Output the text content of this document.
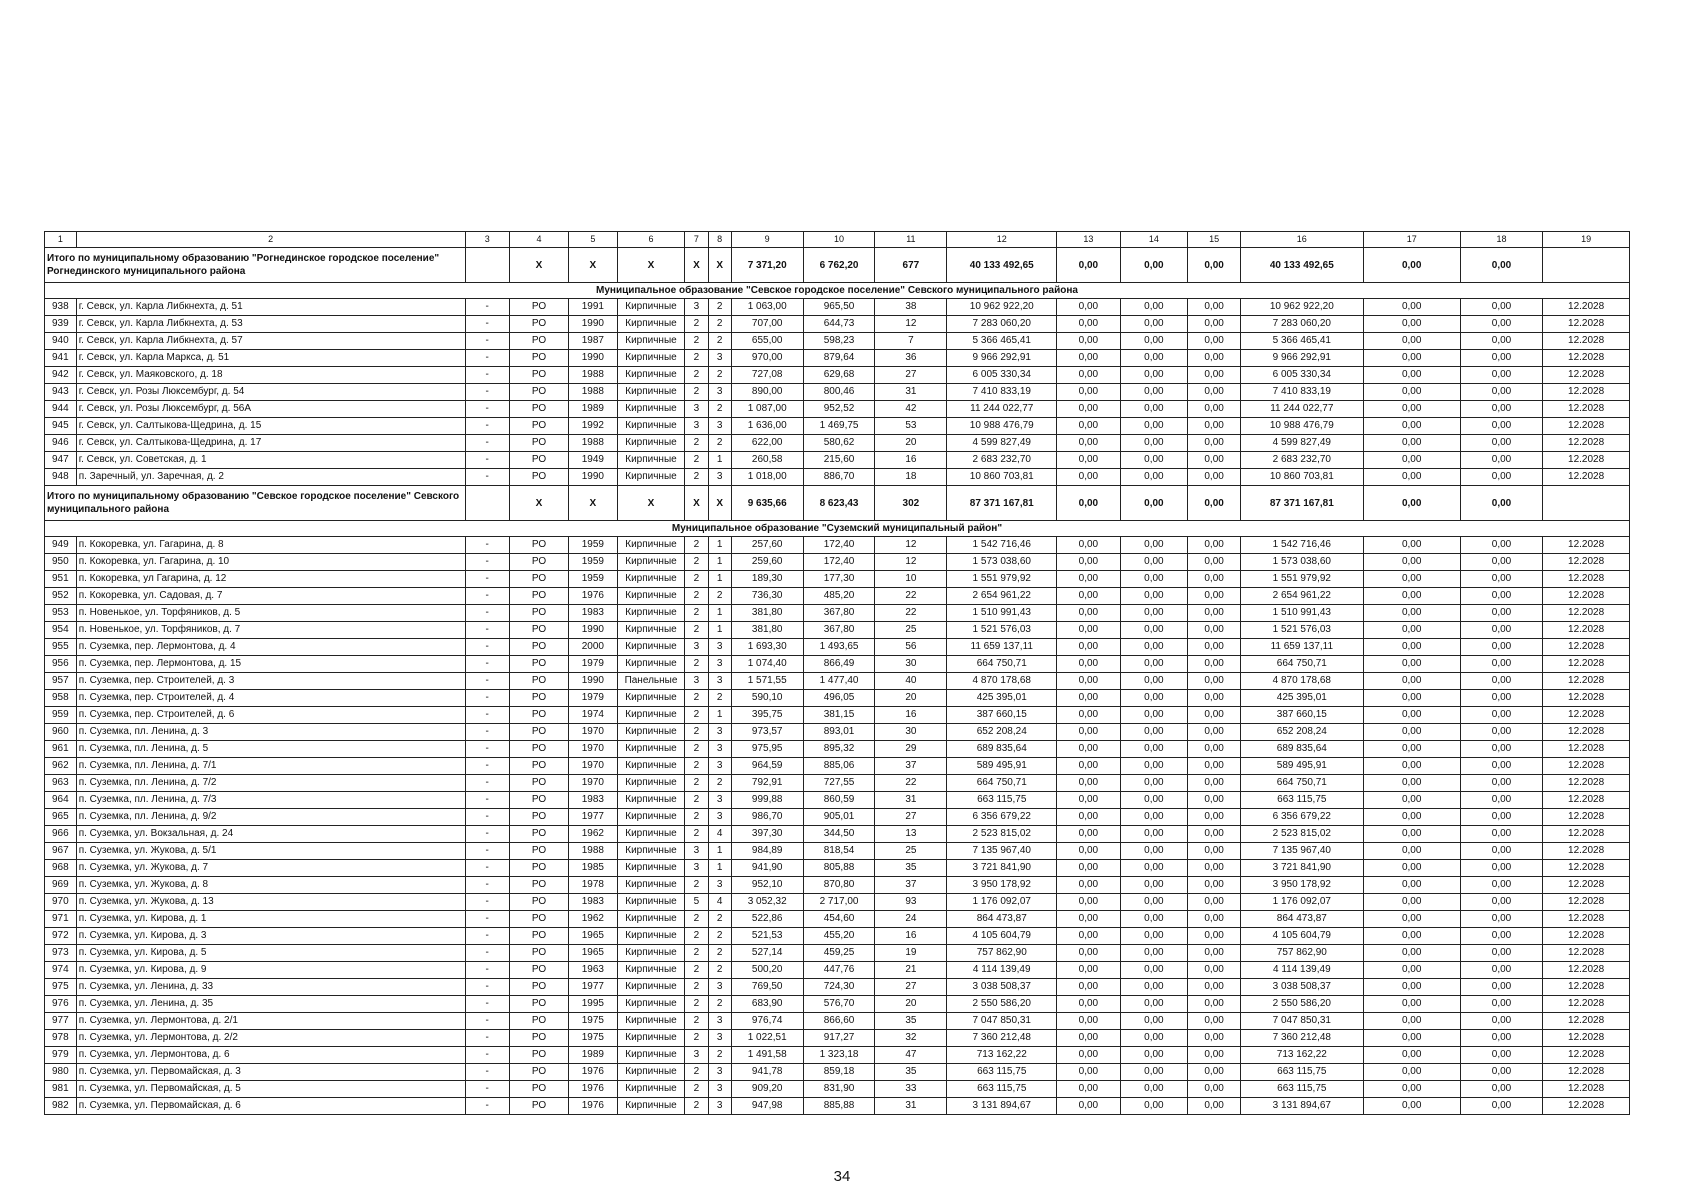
1	2	3	4	5	6	7	8	9	10	11	12	13	14	15	16	17	18	19
Итого по муниципальному образованию "Рогнединское городское поселение" Рогнединского муниципального района			X	X	X	X	X	7 371,20	6 762,20	677	40 133 492,65	0,00	0,00	0,00	40 133 492,65	0,00	0,00	
Муниципальное образование "Севское городское поселение" Севского муниципального района																		
938	г. Севск, ул. Карла Либкнехта, д. 51	-	РО	1991	Кирпичные	3	2	1 063,00	965,50	38	10 962 922,20	0,00	0,00	0,00	10 962 922,20	0,00	0,00	12.2028
939	г. Севск, ул. Карла Либкнехта, д. 53	-	РО	1990	Кирпичные	2	2	707,00	644,73	12	7 283 060,20	0,00	0,00	0,00	7 283 060,20	0,00	0,00	12.2028
940	г. Севск, ул. Карла Либкнехта, д. 57	-	РО	1987	Кирпичные	2	2	655,00	598,23	7	5 366 465,41	0,00	0,00	0,00	5 366 465,41	0,00	0,00	12.2028
941	г. Севск, ул. Карла Маркса, д. 51	-	РО	1990	Кирпичные	2	3	970,00	879,64	36	9 966 292,91	0,00	0,00	0,00	9 966 292,91	0,00	0,00	12.2028
942	г. Севск, ул. Маяковского, д. 18	-	РО	1988	Кирпичные	2	2	727,08	629,68	27	6 005 330,34	0,00	0,00	0,00	6 005 330,34	0,00	0,00	12.2028
943	г. Севск, ул. Розы Люксембург, д. 54	-	РО	1988	Кирпичные	2	3	890,00	800,46	31	7 410 833,19	0,00	0,00	0,00	7 410 833,19	0,00	0,00	12.2028
944	г. Севск, ул. Розы Люксембург, д. 56А	-	РО	1989	Кирпичные	3	2	1 087,00	952,52	42	11 244 022,77	0,00	0,00	0,00	11 244 022,77	0,00	0,00	12.2028
945	г. Севск, ул. Салтыкова-Щедрина, д. 15	-	РО	1992	Кирпичные	3	3	1 636,00	1 469,75	53	10 988 476,79	0,00	0,00	0,00	10 988 476,79	0,00	0,00	12.2028
946	г. Севск, ул. Салтыкова-Щедрина, д. 17	-	РО	1988	Кирпичные	2	2	622,00	580,62	20	4 599 827,49	0,00	0,00	0,00	4 599 827,49	0,00	0,00	12.2028
947	г. Севск, ул. Советская, д. 1	-	РО	1949	Кирпичные	2	1	260,58	215,60	16	2 683 232,70	0,00	0,00	0,00	2 683 232,70	0,00	0,00	12.2028
948	п. Заречный, ул. Заречная, д. 2	-	РО	1990	Кирпичные	2	3	1 018,00	886,70	18	10 860 703,81	0,00	0,00	0,00	10 860 703,81	0,00	0,00	12.2028
Итого по муниципальному образованию "Севское городское поселение" Севского муниципального района			X	X	X	X	X	9 635,66	8 623,43	302	87 371 167,81	0,00	0,00	0,00	87 371 167,81	0,00	0,00	
Муниципальное образование "Суземский муниципальный район"																		
949	п. Кокоревка, ул. Гагарина, д. 8	-	РО	1959	Кирпичные	2	1	257,60	172,40	12	1 542 716,46	0,00	0,00	0,00	1 542 716,46	0,00	0,00	12.2028
950	п. Кокоревка, ул. Гагарина, д. 10	-	РО	1959	Кирпичные	2	1	259,60	172,40	12	1 573 038,60	0,00	0,00	0,00	1 573 038,60	0,00	0,00	12.2028
951	п. Кокоревка, ул Гагарина, д. 12	-	РО	1959	Кирпичные	2	1	189,30	177,30	10	1 551 979,92	0,00	0,00	0,00	1 551 979,92	0,00	0,00	12.2028
952	п. Кокоревка, ул. Садовая, д. 7	-	РО	1976	Кирпичные	2	2	736,30	485,20	22	2 654 961,22	0,00	0,00	0,00	2 654 961,22	0,00	0,00	12.2028
953	п. Новенькое, ул. Торфяников, д. 5	-	РО	1983	Кирпичные	2	1	381,80	367,80	22	1 510 991,43	0,00	0,00	0,00	1 510 991,43	0,00	0,00	12.2028
954	п. Новенькое, ул. Торфяников, д. 7	-	РО	1990	Кирпичные	2	1	381,80	367,80	25	1 521 576,03	0,00	0,00	0,00	1 521 576,03	0,00	0,00	12.2028
955	п. Суземка, пер. Лермонтова, д. 4	-	РО	2000	Кирпичные	3	3	1 693,30	1 493,65	56	11 659 137,11	0,00	0,00	0,00	11 659 137,11	0,00	0,00	12.2028
956	п. Суземка, пер. Лермонтова, д. 15	-	РО	1979	Кирпичные	2	3	1 074,40	866,49	30	664 750,71	0,00	0,00	0,00	664 750,71	0,00	0,00	12.2028
957	п. Суземка, пер. Строителей, д. 3	-	РО	1990	Панельные	3	3	1 571,55	1 477,40	40	4 870 178,68	0,00	0,00	0,00	4 870 178,68	0,00	0,00	12.2028
958	п. Суземка, пер. Строителей, д. 4	-	РО	1979	Кирпичные	2	2	590,10	496,05	20	425 395,01	0,00	0,00	0,00	425 395,01	0,00	0,00	12.2028
959	п. Суземка, пер. Строителей, д. 6	-	РО	1974	Кирпичные	2	1	395,75	381,15	16	387 660,15	0,00	0,00	0,00	387 660,15	0,00	0,00	12.2028
960	п. Суземка, пл. Ленина, д. 3	-	РО	1970	Кирпичные	2	3	973,57	893,01	30	652 208,24	0,00	0,00	0,00	652 208,24	0,00	0,00	12.2028
961	п. Суземка, пл. Ленина, д. 5	-	РО	1970	Кирпичные	2	3	975,95	895,32	29	689 835,64	0,00	0,00	0,00	689 835,64	0,00	0,00	12.2028
962	п. Суземка, пл. Ленина, д. 7/1	-	РО	1970	Кирпичные	2	3	964,59	885,06	37	589 495,91	0,00	0,00	0,00	589 495,91	0,00	0,00	12.2028
963	п. Суземка, пл. Ленина, д. 7/2	-	РО	1970	Кирпичные	2	2	792,91	727,55	22	664 750,71	0,00	0,00	0,00	664 750,71	0,00	0,00	12.2028
964	п. Суземка, пл. Ленина, д. 7/3	-	РО	1983	Кирпичные	2	3	999,88	860,59	31	663 115,75	0,00	0,00	0,00	663 115,75	0,00	0,00	12.2028
965	п. Суземка, пл. Ленина, д. 9/2	-	РО	1977	Кирпичные	2	3	986,70	905,01	27	6 356 679,22	0,00	0,00	0,00	6 356 679,22	0,00	0,00	12.2028
966	п. Суземка, ул. Вокзальная, д. 24	-	РО	1962	Кирпичные	2	4	397,30	344,50	13	2 523 815,02	0,00	0,00	0,00	2 523 815,02	0,00	0,00	12.2028
967	п. Суземка, ул. Жукова, д. 5/1	-	РО	1988	Кирпичные	3	1	984,89	818,54	25	7 135 967,40	0,00	0,00	0,00	7 135 967,40	0,00	0,00	12.2028
968	п. Суземка, ул. Жукова, д. 7	-	РО	1985	Кирпичные	3	1	941,90	805,88	35	3 721 841,90	0,00	0,00	0,00	3 721 841,90	0,00	0,00	12.2028
969	п. Суземка, ул. Жукова, д. 8	-	РО	1978	Кирпичные	2	3	952,10	870,80	37	3 950 178,92	0,00	0,00	0,00	3 950 178,92	0,00	0,00	12.2028
970	п. Суземка, ул. Жукова, д. 13	-	РО	1983	Кирпичные	5	4	3 052,32	2 717,00	93	1 176 092,07	0,00	0,00	0,00	1 176 092,07	0,00	0,00	12.2028
971	п. Суземка, ул. Кирова, д. 1	-	РО	1962	Кирпичные	2	2	522,86	454,60	24	864 473,87	0,00	0,00	0,00	864 473,87	0,00	0,00	12.2028
972	п. Суземка, ул. Кирова, д. 3	-	РО	1965	Кирпичные	2	2	521,53	455,20	16	4 105 604,79	0,00	0,00	0,00	4 105 604,79	0,00	0,00	12.2028
973	п. Суземка, ул. Кирова, д. 5	-	РО	1965	Кирпичные	2	2	527,14	459,25	19	757 862,90	0,00	0,00	0,00	757 862,90	0,00	0,00	12.2028
974	п. Суземка, ул. Кирова, д. 9	-	РО	1963	Кирпичные	2	2	500,20	447,76	21	4 114 139,49	0,00	0,00	0,00	4 114 139,49	0,00	0,00	12.2028
975	п. Суземка, ул. Ленина, д. 33	-	РО	1977	Кирпичные	2	3	769,50	724,30	27	3 038 508,37	0,00	0,00	0,00	3 038 508,37	0,00	0,00	12.2028
976	п. Суземка, ул. Ленина, д. 35	-	РО	1995	Кирпичные	2	2	683,90	576,70	20	2 550 586,20	0,00	0,00	0,00	2 550 586,20	0,00	0,00	12.2028
977	п. Суземка, ул. Лермонтова, д. 2/1	-	РО	1975	Кирпичные	2	3	976,74	866,60	35	7 047 850,31	0,00	0,00	0,00	7 047 850,31	0,00	0,00	12.2028
978	п. Суземка, ул. Лермонтова, д. 2/2	-	РО	1975	Кирпичные	2	3	1 022,51	917,27	32	7 360 212,48	0,00	0,00	0,00	7 360 212,48	0,00	0,00	12.2028
979	п. Суземка, ул. Лермонтова, д. 6	-	РО	1989	Кирпичные	3	2	1 491,58	1 323,18	47	713 162,22	0,00	0,00	0,00	713 162,22	0,00	0,00	12.2028
980	п. Суземка, ул. Первомайская, д. 3	-	РО	1976	Кирпичные	2	3	941,78	859,18	35	663 115,75	0,00	0,00	0,00	663 115,75	0,00	0,00	12.2028
981	п. Суземка, ул. Первомайская, д. 5	-	РО	1976	Кирпичные	2	3	909,20	831,90	33	663 115,75	0,00	0,00	0,00	663 115,75	0,00	0,00	12.2028
982	п. Суземка, ул. Первомайская, д. 6	-	РО	1976	Кирпичные	2	3	947,98	885,88	31	3 131 894,67	0,00	0,00	0,00	3 131 894,67	0,00	0,00	12.2028
34
